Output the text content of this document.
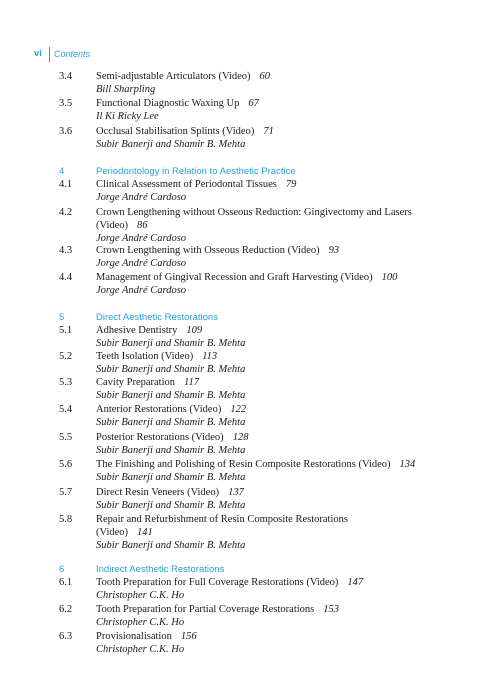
vi Contents
3.4 Semi-adjustable Articulators (Video) 60
Bill Sharpling
3.5 Functional Diagnostic Waxing Up 67
Il Ki Ricky Lee
3.6 Occlusal Stabilisation Splints (Video) 71
Subir Banerji and Shamir B. Mehta
4	Periodontology in Relation to Aesthetic Practice
4.1 Clinical Assessment of Periodontal Tissues 79
Jorge André Cardoso
4.2 Crown Lengthening without Osseous Reduction: Gingivectomy and Lasers
(Video) 86
Jorge André Cardoso
4.3 Crown Lengthening with Osseous Reduction (Video) 93
Jorge André Cardoso
4.4 Management of Gingival Recession and Graft Harvesting (Video) 100
Jorge André Cardoso
5	Direct Aesthetic Restorations
5.1 Adhesive Dentistry 109
Subir Banerji and Shamir B. Mehta
5.2 Teeth Isolation (Video) 113
Subir Banerji and Shamir B. Mehta
5.3 Cavity Preparation 117
Subir Banerji and Shamir B. Mehta
5.4 Anterior Restorations (Video) 122
Subir Banerji and Shamir B. Mehta
5.5 Posterior Restorations (Video) 128
Subir Banerji and Shamir B. Mehta
5.6 The Finishing and Polishing of Resin Composite Restorations (Video) 134
Subir Banerji and Shamir B. Mehta
5.7 Direct Resin Veneers (Video) 137
Subir Banerji and Shamir B. Mehta
5.8 Repair and Refurbishment of Resin Composite Restorations
(Video) 141
Subir Banerji and Shamir B. Mehta
6	Indirect Aesthetic Restorations
6.1 Tooth Preparation for Full Coverage Restorations (Video) 147
Christopher C.K. Ho
6.2 Tooth Preparation for Partial Coverage Restorations 153
Christopher C.K. Ho
6.3 Provisionalisation 156
Christopher C.K. Ho
